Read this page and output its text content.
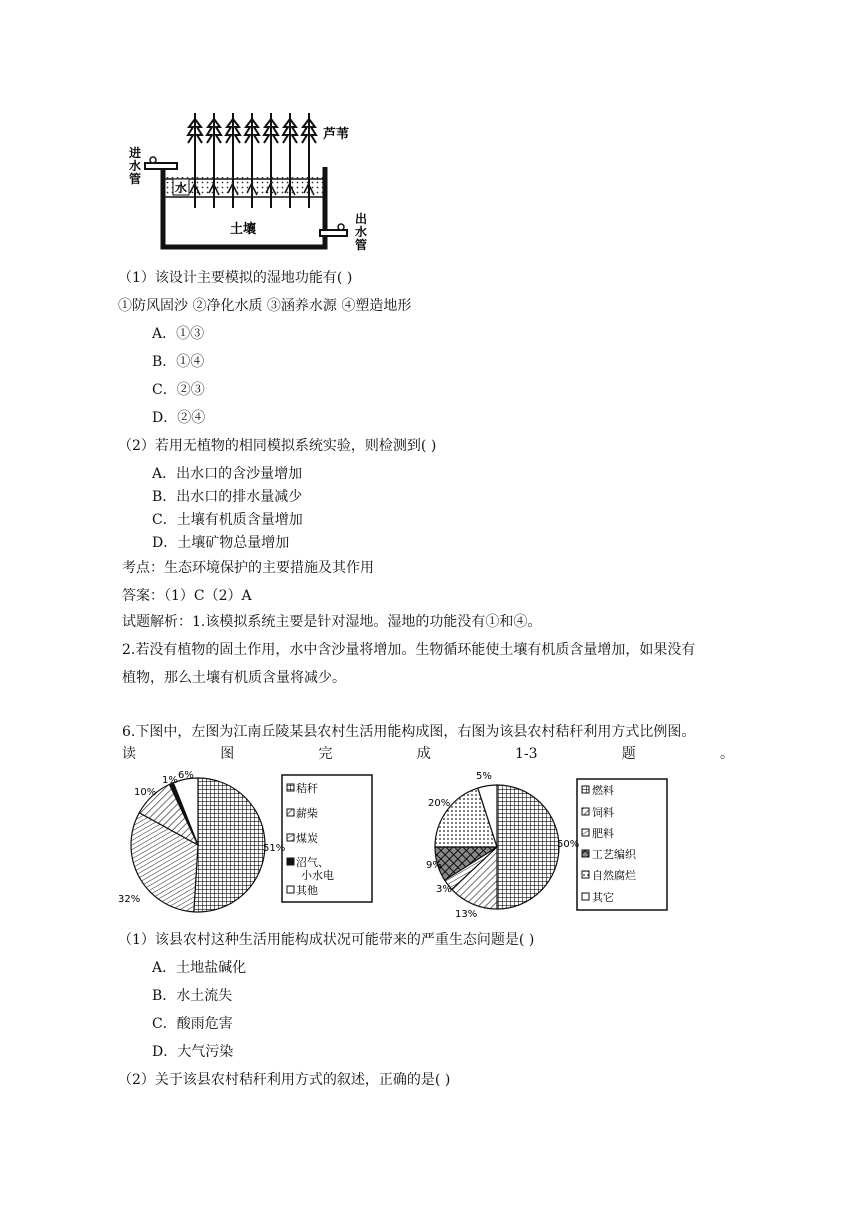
芦苇
水
土壤
进
水
管
出
水
管
（1）该设计主要模拟的湿地功能有( )
①防风固沙 ②净化水质 ③涵养水源 ④塑造地形
A．①③
B．①④
C．②③
D．②④
（2）若用无植物的相同模拟系统实验，则检测到( )
A．出水口的含沙量增加
B．出水口的排水量减少
C．土壤有机质含量增加
D．土壤矿物总量增加
考点：生态环境保护的主要措施及其作用
答案：（1）C（2）A
试题解析：1.该模拟系统主要是针对湿地。湿地的功能没有①和④。
2.若没有植物的固土作用，水中含沙量将增加。生物循环能使土壤有机质含量增加，如果没有
植物，那么土壤有机质含量将减少。
6.下图中，左图为江南丘陵某县农村生活用能构成图，右图为该县农村秸秆利用方式比例图。
读	图	完	成	1-3	题	。
51%
32%
10%
1% 6%
50%
13%
3%
9%
20%
5%
秸秆
薪柴
煤炭
沼气、
小水电
其他
燃料
饲料
肥料
工艺编织
自然腐烂
其它
（1）该县农村这种生活用能构成状况可能带来的严重生态问题是( )
A．土地盐碱化
B．水土流失
C．酸雨危害
D．大气污染
（2）关于该县农村秸秆利用方式的叙述，正确的是( )
